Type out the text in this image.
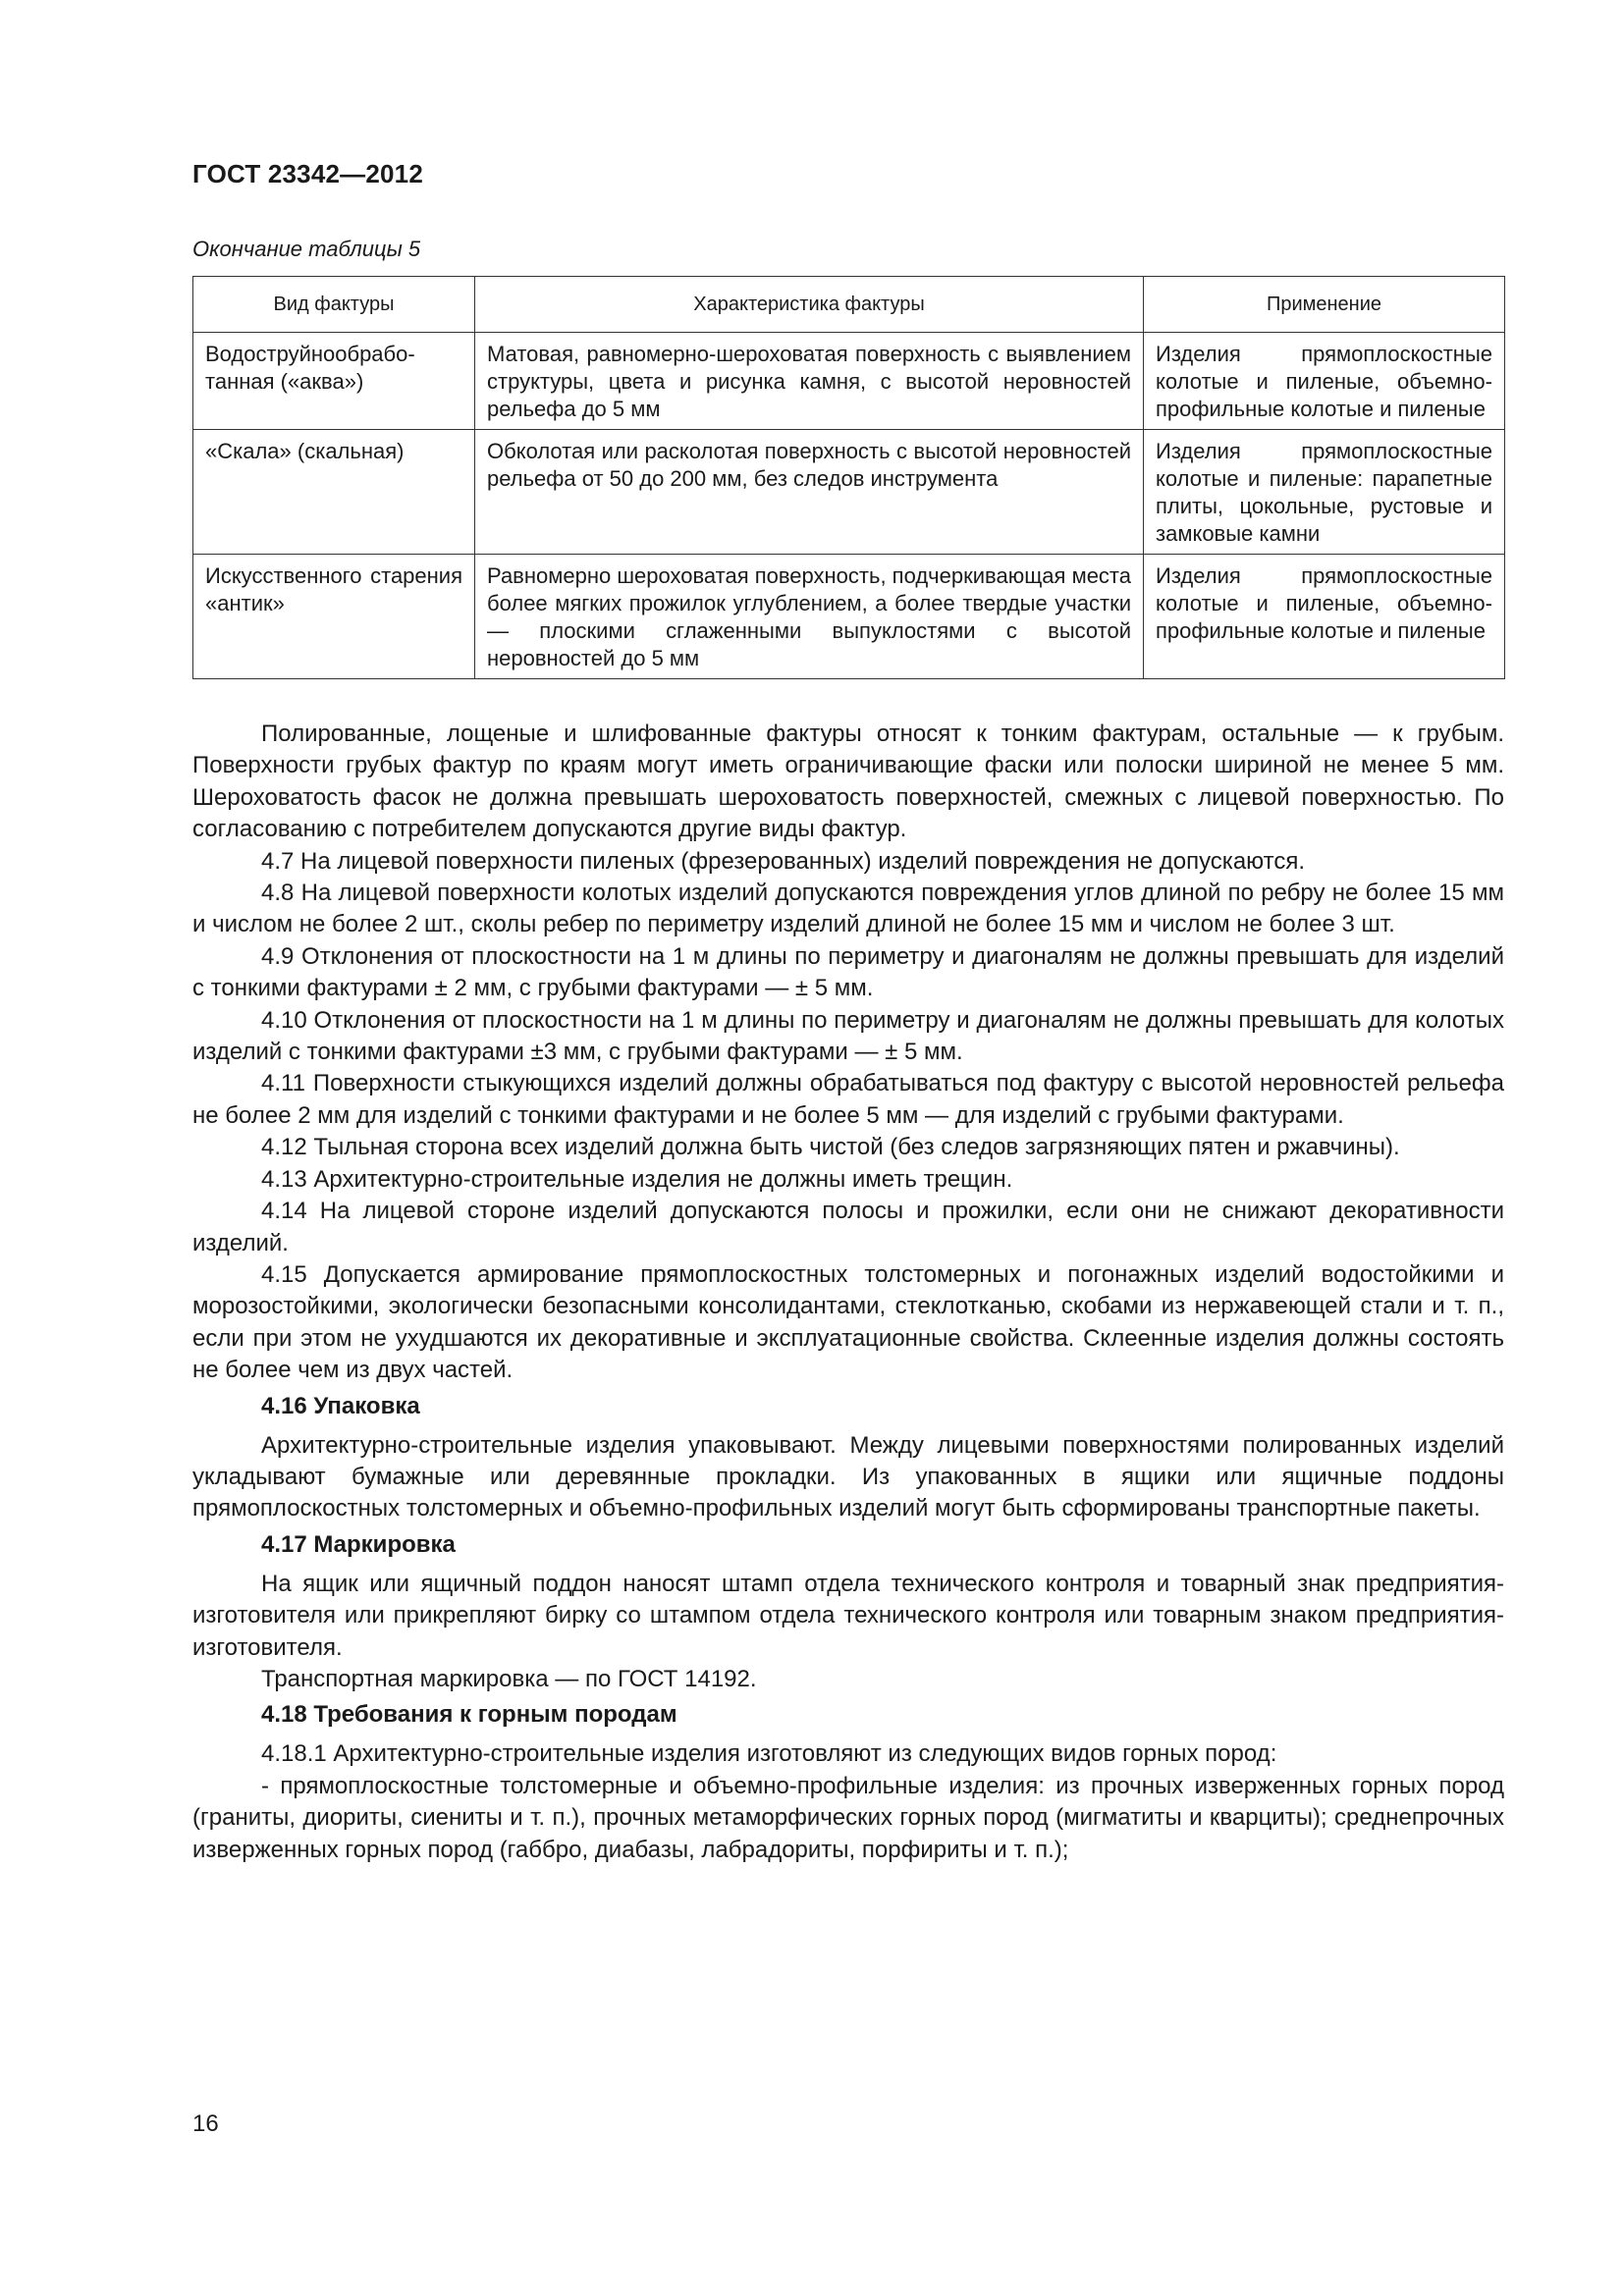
ГОСТ 23342—2012
Окончание таблицы 5
Вид фактуры	Характеристика фактуры	Применение
Водоструйнообработанная («аква»)	Матовая, равномерно-шероховатая поверхность с выявлением структуры, цвета и рисунка камня, с высотой неровностей рельефа до 5 мм	Изделия прямоплоскостные колотые и пиленые, объемно-профильные колотые и пиленые
«Скала» (скальная)	Обколотая или расколотая поверхность с высотой неровностей рельефа от 50 до 200 мм, без следов инструмента	Изделия прямоплоскостные колотые и пиленые: парапетные плиты, цокольные, рустовые и замковые камни
Искусственного старения «антик»	Равномерно шероховатая поверхность, подчеркивающая места более мягких прожилок углублением, а более твердые участки — плоскими сглаженными выпуклостями с высотой неровностей до 5 мм	Изделия прямоплоскостные колотые и пиленые, объемно-профильные колотые и пиленые

Полированные, лощеные и шлифованные фактуры относят к тонким фактурам, остальные — к грубым. Поверхности грубых фактур по краям могут иметь ограничивающие фаски или полоски шириной не менее 5 мм. Шероховатость фасок не должна превышать шероховатость поверхностей, смежных с лицевой поверхностью. По согласованию с потребителем допускаются другие виды фактур.

4.7 На лицевой поверхности пиленых (фрезерованных) изделий повреждения не допускаются.

4.8 На лицевой поверхности колотых изделий допускаются повреждения углов длиной по ребру не более 15 мм и числом не более 2 шт., сколы ребер по периметру изделий длиной не более 15 мм и числом не более 3 шт.

4.9 Отклонения от плоскостности на 1 м длины по периметру и диагоналям не должны превышать для изделий с тонкими фактурами ± 2 мм, с грубыми фактурами — ± 5 мм.

4.10 Отклонения от плоскостности на 1 м длины по периметру и диагоналям не должны превышать для колотых изделий с тонкими фактурами ±3 мм, с грубыми фактурами — ± 5 мм.

4.11 Поверхности стыкующихся изделий должны обрабатываться под фактуру с высотой неровностей рельефа не более 2 мм для изделий с тонкими фактурами и не более 5 мм — для изделий с грубыми фактурами.

4.12 Тыльная сторона всех изделий должна быть чистой (без следов загрязняющих пятен и ржавчины).

4.13 Архитектурно-строительные изделия не должны иметь трещин.

4.14 На лицевой стороне изделий допускаются полосы и прожилки, если они не снижают декоративности изделий.

4.15 Допускается армирование прямоплоскостных толстомерных и погонажных изделий водостойкими и морозостойкими, экологически безопасными консолидантами, стеклотканью, скобами из нержавеющей стали и т. п., если при этом не ухудшаются их декоративные и эксплуатационные свойства. Склеенные изделия должны состоять не более чем из двух частей.

4.16 Упаковка

Архитектурно-строительные изделия упаковывают. Между лицевыми поверхностями полированных изделий укладывают бумажные или деревянные прокладки. Из упакованных в ящики или ящичные поддоны прямоплоскостных толстомерных и объемно-профильных изделий могут быть сформированы транспортные пакеты.

4.17 Маркировка

На ящик или ящичный поддон наносят штамп отдела технического контроля и товарный знак предприятия-изготовителя или прикрепляют бирку со штампом отдела технического контроля или товарным знаком предприятия-изготовителя.

Транспортная маркировка — по ГОСТ 14192.

4.18 Требования к горным породам

4.18.1 Архитектурно-строительные изделия изготовляют из следующих видов горных пород:

- прямоплоскостные толстомерные и объемно-профильные изделия: из прочных изверженных горных пород (граниты, диориты, сиениты и т. п.), прочных метаморфических горных пород (мигматиты и кварциты); среднепрочных изверженных горных пород (габбро, диабазы, лабрадориты, порфириты и т. п.);

16
